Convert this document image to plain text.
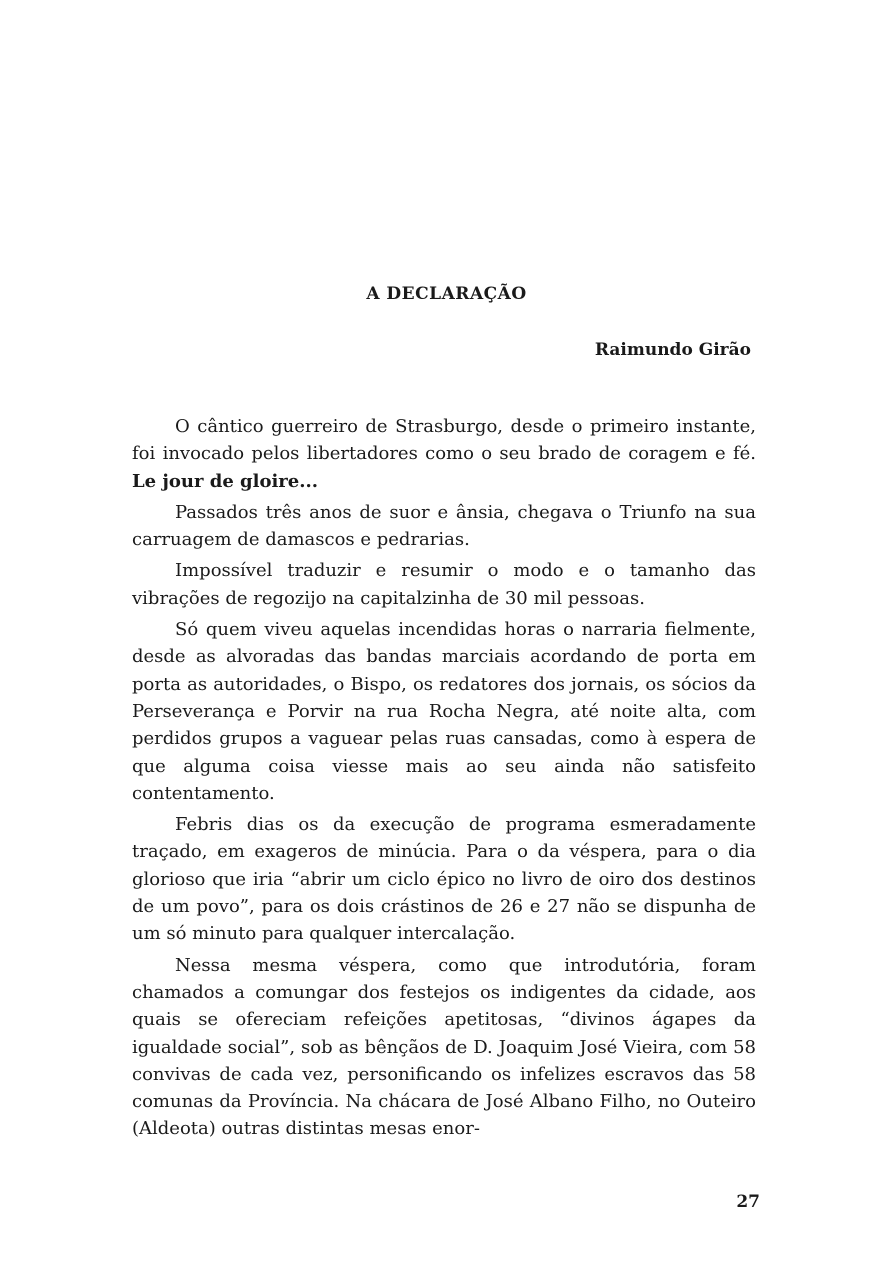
A DECLARAÇÃO
Raimundo Girão

O cântico guerreiro de Strasburgo, desde o primeiro instante, foi invocado pelos libertadores como o seu brado de coragem e fé. Le jour de gloire...

Passados três anos de suor e ânsia, chegava o Triunfo na sua carruagem de damascos e pedrarias.

Impossível traduzir e resumir o modo e o tamanho das vibrações de regozijo na capitalzinha de 30 mil pessoas.

Só quem viveu aquelas incendidas horas o narraria fielmente, desde as alvoradas das bandas marciais acordando de porta em porta as autoridades, o Bispo, os redatores dos jornais, os sócios da Perseverança e Porvir na rua Rocha Negra, até noite alta, com perdidos grupos a vaguear pelas ruas cansadas, como à espera de que alguma coisa viesse mais ao seu ainda não satisfeito contentamento.

Febris dias os da execução de programa esmeradamente traçado, em exageros de minúcia. Para o da véspera, para o dia glorioso que iria “abrir um ciclo épico no livro de oiro dos destinos de um povo”, para os dois crástinos de 26 e 27 não se dispunha de um só minuto para qualquer intercalação.

Nessa mesma véspera, como que introdutória, foram chamados a comungar dos festejos os indigentes da cidade, aos quais se ofereciam refeições apetitosas, “divinos ágapes da igualdade social”, sob as bênçãos de D. Joaquim José Vieira, com 58 convivas de cada vez, personificando os infelizes escravos das 58 comunas da Província. Na chácara de José Albano Filho, no Outeiro (Aldeota) outras distintas mesas enor-

27
